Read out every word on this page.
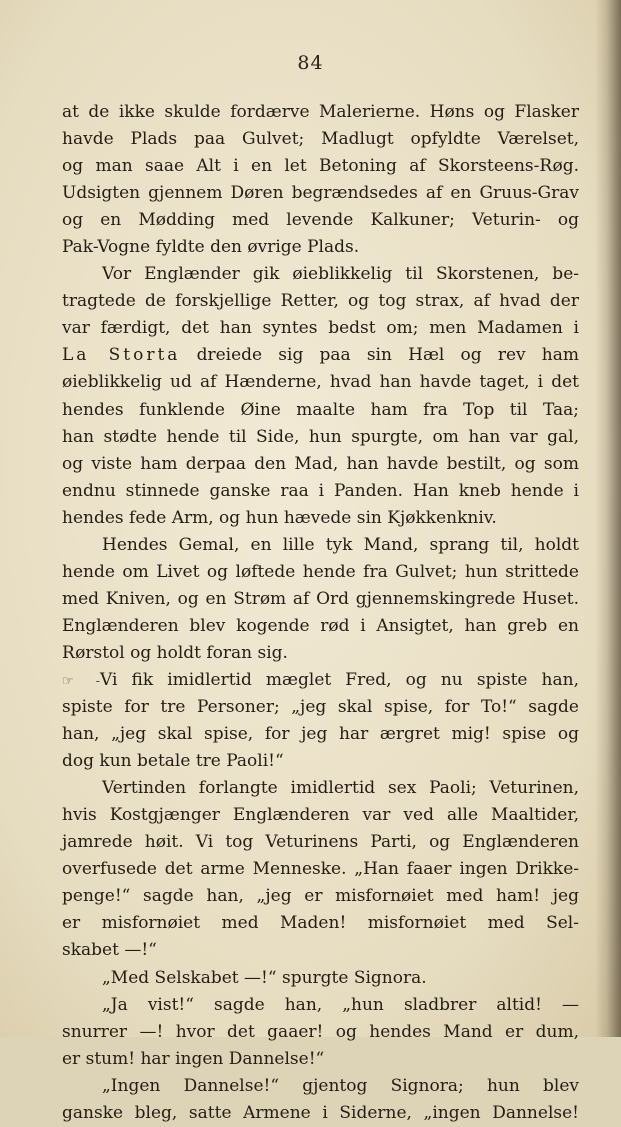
84
at de ikke skulde fordærve Malerierne. Høns og Flasker
havde Plads paa Gulvet; Madlugt opfyldte Værelset,
og man saae Alt i en let Betoning af Skorsteens-Røg.
Udsigten gjennem Døren begrændsedes af en Gruus-Grav
og en Mødding med levende Kalkuner; Veturin- og
Pak-Vogne fyldte den øvrige Plads.
Vor Englænder gik øieblikkelig til Skorstenen, be-
tragtede de forskjellige Retter, og tog strax, af hvad der
var færdigt, det han syntes bedst om; men Madamen i
La Storta dreiede sig paa sin Hæl og rev ham
øieblikkelig ud af Hænderne, hvad han havde taget, i det
hendes funklende Øine maalte ham fra Top til Taa;
han stødte hende til Side, hun spurgte, om han var gal,
og viste ham derpaa den Mad, han havde bestilt, og som
endnu stinnede ganske raa i Panden. Han kneb hende i
hendes fede Arm, og hun hævede sin Kjøkkenkniv.
Hendes Gemal, en lille tyk Mand, sprang til, holdt
hende om Livet og løftede hende fra Gulvet; hun strittede
med Kniven, og en Strøm af Ord gjennemskingrede Huset.
Englænderen blev kogende rød i Ansigtet, han greb en
Rørstol og holdt foran sig.
☞ -Vi fik imidlertid mæglet Fred, og nu spiste han,
spiste for tre Personer; „jeg skal spise, for To!“ sagde
han, „jeg skal spise, for jeg har ærgret mig! spise og
dog kun betale tre Paoli!“
Vertinden forlangte imidlertid sex Paoli; Veturinen,
hvis Kostgjænger Englænderen var ved alle Maaltider,
jamrede høit. Vi tog Veturinens Parti, og Englænderen
overfusede det arme Menneske. „Han faaer ingen Drikke-
penge!“ sagde han, „jeg er misfornøiet med ham! jeg
er misfornøiet med Maden! misfornøiet med Sel-
skabet —!“
„Med Selskabet —!“ spurgte Signora.
„Ja vist!“ sagde han, „hun sladbrer altid! —
snurrer —! hvor det gaaer! og hendes Mand er dum,
er stum! har ingen Dannelse!“
„Ingen Dannelse!“ gjentog Signora; hun blev
ganske bleg, satte Armene i Siderne, „ingen Dannelse!
